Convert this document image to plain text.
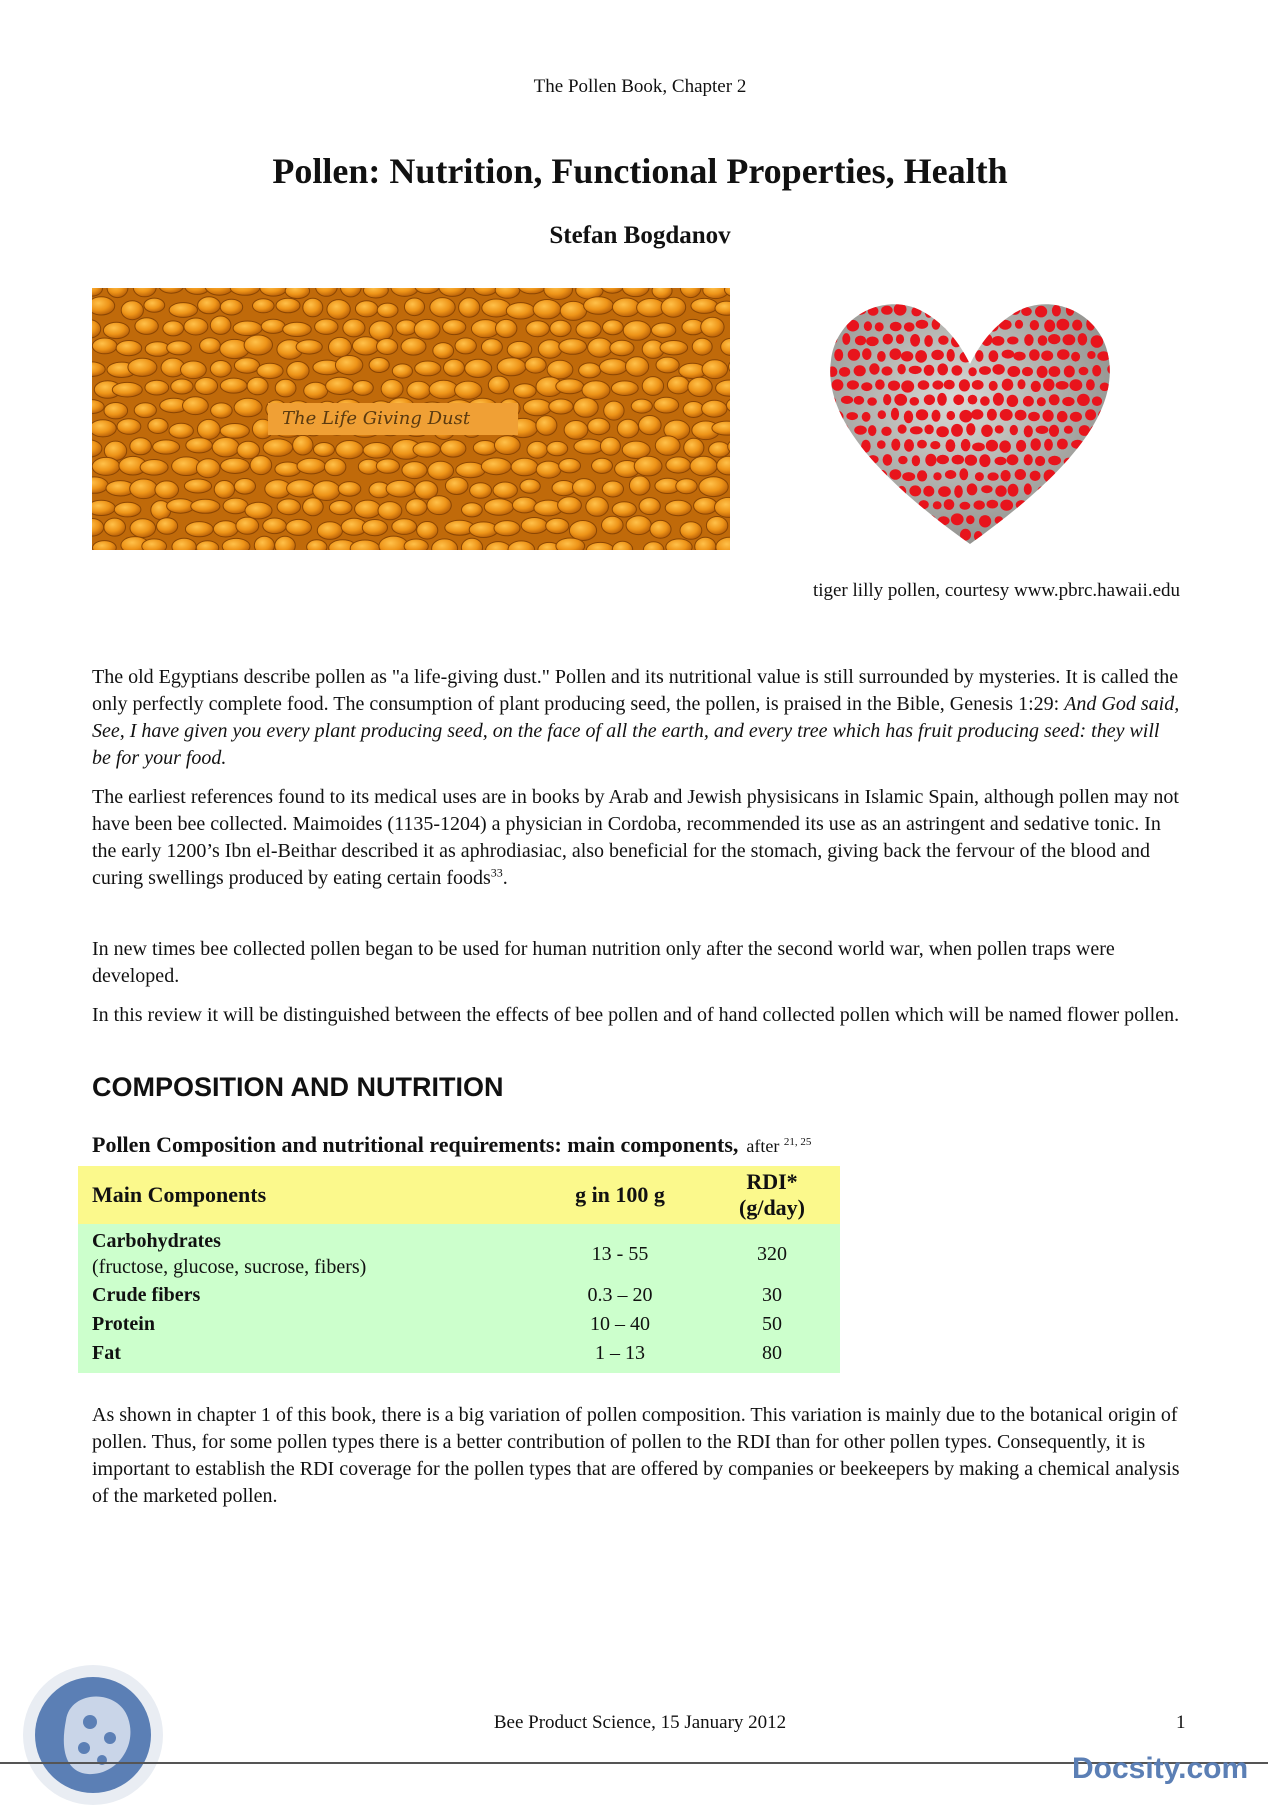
The Pollen Book, Chapter 2
Pollen: Nutrition, Functional Properties, Health
Stefan Bogdanov
The Life Giving Dust
tiger lilly pollen, courtesy www.pbrc.hawaii.edu

The old Egyptians describe pollen as "a life-giving dust." Pollen and its nutritional value is still surrounded by mysteries. It is called the only perfectly complete food. The consumption of plant producing seed, the pollen, is praised in the Bible, Genesis 1:29: And God said, See, I have given you every plant producing seed, on the face of all the earth, and every tree which has fruit producing seed: they will be for your food.

The earliest references found to its medical uses are in books by Arab and Jewish physisicans in Islamic Spain, although pollen may not have been bee collected. Maimoides (1135-1204) a physician in Cordoba, recommended its use as an astringent and sedative tonic. In the early 1200’s Ibn el-Beithar described it as aphrodiasiac, also beneficial for the stomach, giving back the fervour of the blood and curing swellings produced by eating certain foods$^{33}$.

In new times bee collected pollen began to be used for human nutrition only after the second world war, when pollen traps were developed.

In this review it will be distinguished between the effects of bee pollen and of hand collected pollen which will be named flower pollen.

COMPOSITION AND NUTRITION
Pollen Composition and nutritional requirements: main components, after $^{21, 25}$
Main Components	g in 100 g	RDI*
(g/day)
Carbohydrates
(fructose, glucose, sucrose, fibers)	13 - 55	320
Crude fibers	0.3 – 20	30
Protein	10 – 40	50
Fat	1 – 13	80

As shown in chapter 1 of this book, there is a big variation of pollen composition. This variation is mainly due to the botanical origin of pollen. Thus, for some pollen types there is a better contribution of pollen to the RDI than for other pollen types. Consequently, it is important to establish the RDI coverage for the pollen types that are offered by companies or beekeepers by making a chemical analysis of the marketed pollen.

Bee Product Science, 15 January 2012	1
Docsity.com
